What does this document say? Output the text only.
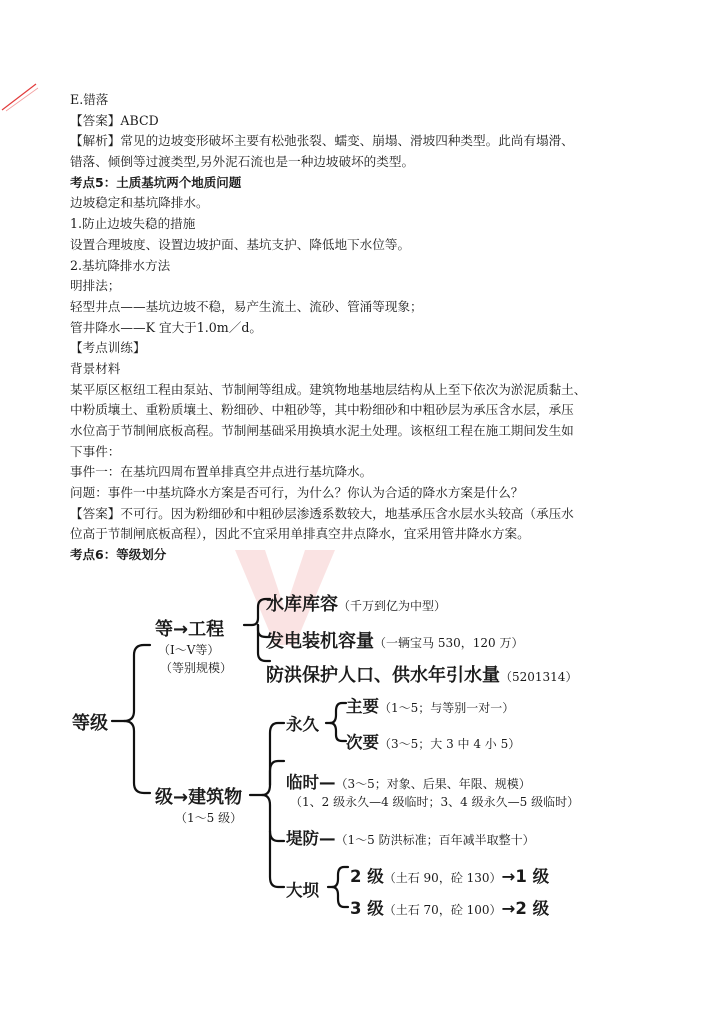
E.错落
【答案】ABCD
【解析】常见的边坡变形破坏主要有松弛张裂、蠕变、崩塌、滑坡四种类型。此尚有塌滑、
错落、倾倒等过渡类型,另外泥石流也是一种边坡破坏的类型。
考点5：土质基坑两个地质问题
边坡稳定和基坑降排水。
1.防止边坡失稳的措施
设置合理坡度、设置边坡护面、基坑支护、降低地下水位等。
2.基坑降排水方法
明排法；
轻型井点——基坑边坡不稳，易产生流土、流砂、管涌等现象；
管井降水——K 宜大于1.0m／d。
【考点训练】
背景材料
某平原区枢纽工程由泵站、节制闸等组成。建筑物地基地层结构从上至下依次为淤泥质黏土、
中粉质壤土、重粉质壤土、粉细砂、中粗砂等，其中粉细砂和中粗砂层为承压含水层，承压
水位高于节制闸底板高程。节制闸基础采用换填水泥土处理。该枢纽工程在施工期间发生如
下事件：
事件一：在基坑四周布置单排真空井点进行基坑降水。
问题：事件一中基坑降水方案是否可行，为什么？你认为合适的降水方案是什么？
【答案】不可行。因为粉细砂和中粗砂层渗透系数较大，地基承压含水层水头较高（承压水
位高于节制闸底板高程），因此不宜采用单排真空井点降水，宜采用管井降水方案。
考点6：等级划分
等级
等→工程
（Ⅰ～Ⅴ等）
（等别规模）
水库库容（千万到亿为中型）
发电装机容量（一辆宝马 530，120 万）
防洪保护人口、供水年引水量（5201314）
级→建筑物
（1～5 级）
永久
主要（1～5；与等别一对一）
次要（3～5；大 3 中 4 小 5）
临时—（3～5；对象、后果、年限、规模）
（1、2 级永久—4 级临时；3、4 级永久—5 级临时）
堤防—（1～5 防洪标准；百年减半取整十）
大坝
2 级（土石 90，砼 130）→1 级
3 级（土石 70，砼 100）→2 级
